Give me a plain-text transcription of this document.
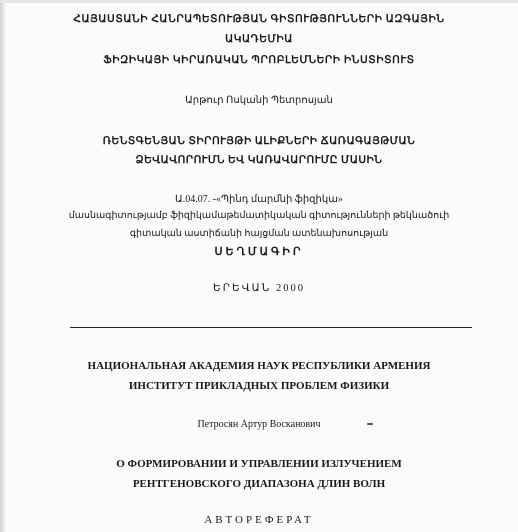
ՀԱՅԱՍՏԱՆԻ ՀԱՆՐԱՊԵՏՈՒԹՅԱՆ ԳԻՏՈՒԹՅՈՒՆՆԵՐԻ ԱԶԳԱՅԻՆ
ԱԿԱԴԵՄԻԱ
ՖԻԶԻԿԱՅԻ ԿԻՐԱՌԱԿԱՆ ՊՐՈԲԼԵՄՆԵՐԻ ԻՆՍՏԻՏՈՒՏ
Արթուր Ոսկանի Պետրոսյան
ՌԵՆՏԳԵՆՅԱՆ ՏԻՐՈՒՅԹԻ ԱԼԻՔՆԵՐԻ ՃԱՌԱԳԱՅԹՄԱՆ
ՁԵՎԱՎՈՐՈՒՄՆ ԵՎ ԿԱՌԱՎԱՐՈՒՄԸ ՄԱՍԻՆ
Ա.04.07. -«Պինդ մարմնի ֆիզիկա»
մասնագիտությամբ ֆիզիկամաթեմատիկական գիտությունների թեկնածուի
գիտական աստիճանի հայցման ատենախոսության
ՍԵՂՄԱԳԻՐ
ԵՐԵՎԱՆ 2000
НАЦИОНАЛЬНАЯ АКАДЕМИЯ НАУК РЕСПУБЛИКИ АРМЕНИЯ
ИНСТИТУТ ПРИКЛАДНЫХ ПРОБЛЕМ ФИЗИКИ
Петросян Артур Восканович
О ФОРМИРОВАНИИ И УПРАВЛЕНИИ ИЗЛУЧЕНИЕМ
РЕНТГЕНОВСКОГО ДИАПАЗОНА ДЛИН ВОЛН
АВТОРЕФЕРАТ
